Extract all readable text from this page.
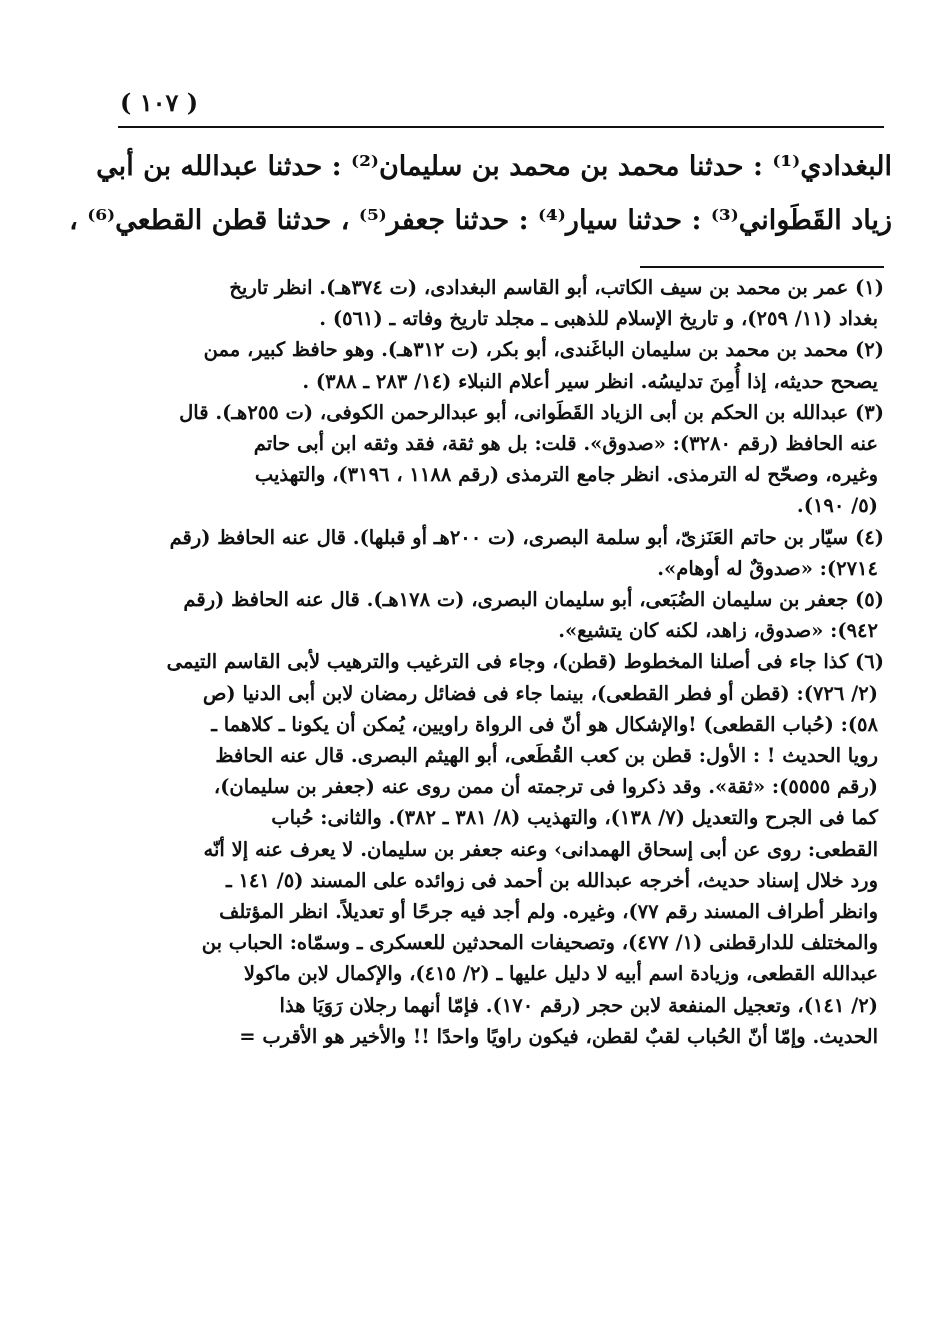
( ١٠٧ )
البغدادي⁽¹⁾ : حدثنا محمد بن محمد بن سليمان⁽²⁾ : حدثنا عبدالله بن أبي
زياد القَطَواني⁽³⁾ : حدثنا سيار⁽⁴⁾ : حدثنا جعفر⁽⁵⁾ ، حدثنا قطن القطعي⁽⁶⁾ ،
(١) عمر بن محمد بن سيف الكاتب، أبو القاسم البغدادى، (ت ٣٧٤هـ). انظر تاريخ
بغداد (١١/ ٢٥٩)، و تاريخ الإسلام للذهبى ـ مجلد تاريخ وفاته ـ (٥٦١) .
(٢) محمد بن محمد بن سليمان الباغَندى، أبو بكر، (ت ٣١٢هـ). وهو حافظ كبير، ممن
يصحح حديثه، إذا أُمِنَ تدليسُه. انظر سير أعلام النبلاء (١٤/ ٢٨٣ ـ ٣٨٨) .
(٣) عبدالله بن الحكم بن أبى الزياد القَطَوانى، أبو عبدالرحمن الكوفى، (ت ٢٥٥هـ). قال
عنه الحافظ (رقم ٣٢٨٠): «صدوق». قلت: بل هو ثقة، فقد وثقه ابن أبى حاتم
وغيره، وصحّح له الترمذى. انظر جامع الترمذى (رقم ١١٨٨ ، ٣١٩٦)، والتهذيب
(٥/ ١٩٠).
(٤) سيّار بن حاتم العَنَزىّ، أبو سلمة البصرى، (ت ٢٠٠هـ أو قبلها). قال عنه الحافظ (رقم
٢٧١٤): «صدوقٌ له أوهام».
(٥) جعفر بن سليمان الضُبَعى، أبو سليمان البصرى، (ت ١٧٨هـ). قال عنه الحافظ (رقم
٩٤٢): «صدوق، زاهد، لكنه كان يتشيع».
(٦) كذا جاء فى أصلنا المخطوط (قطن)، وجاء فى الترغيب والترهيب لأبى القاسم التيمى
(٢/ ٧٢٦): (قطن أو فطر القطعى)، بينما جاء فى فضائل رمضان لابن أبى الدنيا (ص
٥٨): (حُباب القطعى) !والإشكال هو أنّ فى الرواة راويين، يُمكن أن يكونا ـ كلاهما ـ
رويا الحديث ! : الأول: قطن بن كعب القُطَعى، أبو الهيثم البصرى. قال عنه الحافظ
(رقم ٥٥٥٥): «ثقة». وقد ذكروا فى ترجمته أن ممن روى عنه (جعفر بن سليمان)،
كما فى الجرح والتعديل (٧/ ١٣٨)، والتهذيب (٨/ ٣٨١ ـ ٣٨٢). والثانى: حُباب
القطعى: روى عن أبى إسحاق الهمدانى› وعنه جعفر بن سليمان. لا يعرف عنه إلا أنّه
ورد خلال إسناد حديث، أخرجه عبدالله بن أحمد فى زوائده على المسند (٥/ ١٤١ ـ
وانظر أطراف المسند رقم ٧٧)، وغيره. ولم أجد فيه جرحًا أو تعديلاً. انظر المؤتلف
والمختلف للدارقطنى (١/ ٤٧٧)، وتصحيفات المحدثين للعسكرى ـ وسمّاه: الحباب بن
عبدالله القطعى، وزيادة اسم أبيه لا دليل عليها ـ (٢/ ٤١٥)، والإكمال لابن ماكولا
(٢/ ١٤١)، وتعجيل المنفعة لابن حجر (رقم ١٧٠). فإمّا أنهما رجلان رَوَيَا هذا
الحديث. وإمّا أنّ الحُباب لقبٌ لقطن، فيكون راويًا واحدًا !! والأخير هو الأقرب =
